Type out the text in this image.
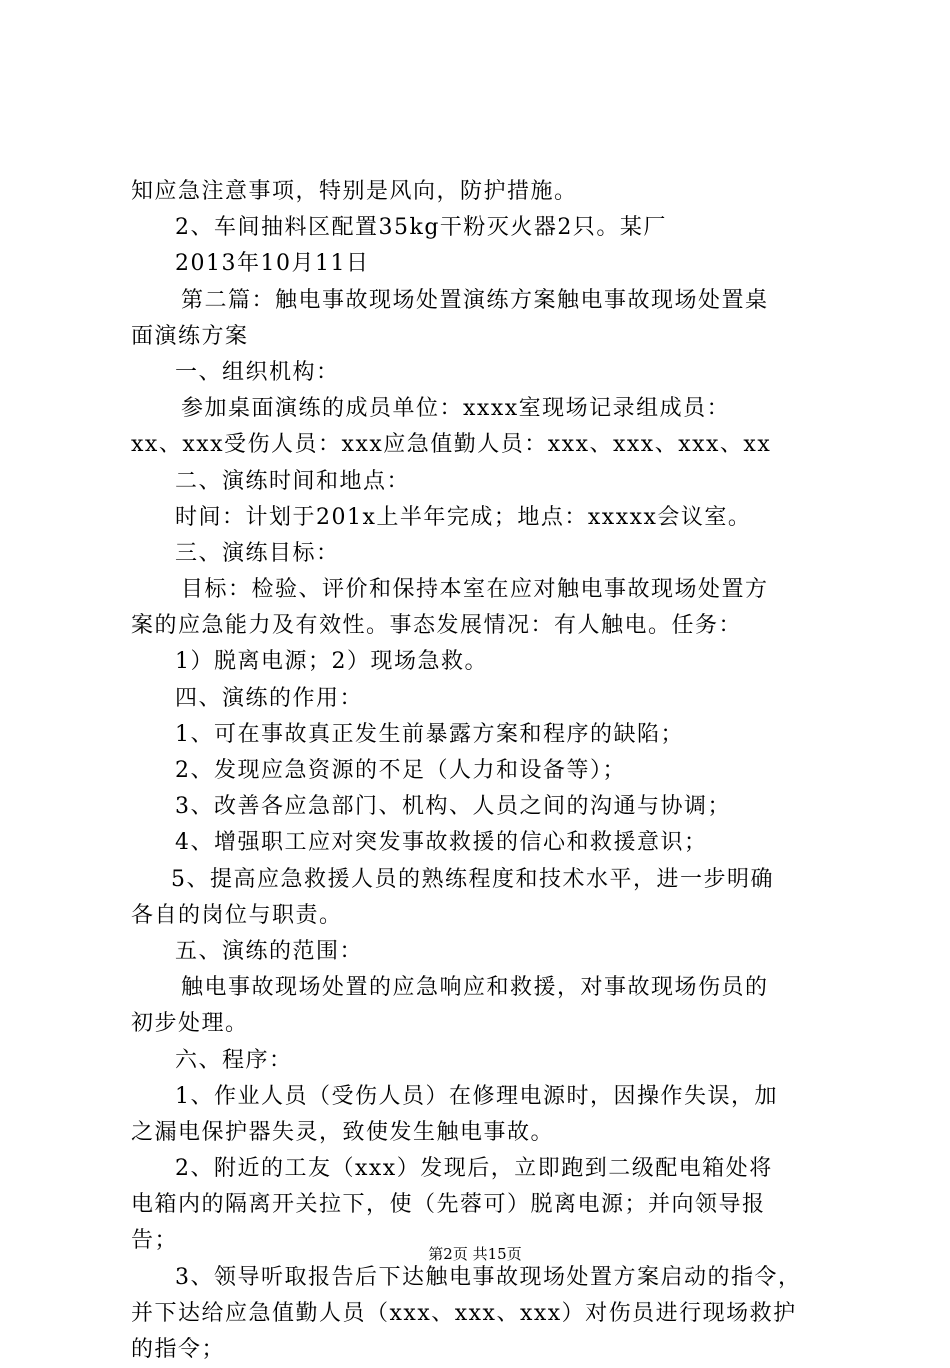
知应急注意事项，特别是风向，防护措施。
2、车间抽料区配置35kg干粉灭火器2只。某厂
2013年10月11日
第二篇：触电事故现场处置演练方案触电事故现场处置桌
面演练方案
一、组织机构：
参加桌面演练的成员单位：xxxx室现场记录组成员：
xx、xxx受伤人员：xxx应急值勤人员：xxx、xxx、xxx、xx
二、演练时间和地点：
时间：计划于201x上半年完成；地点：xxxxx会议室。
三、演练目标：
目标：检验、评价和保持本室在应对触电事故现场处置方
案的应急能力及有效性。事态发展情况：有人触电。任务：
1）脱离电源；2）现场急救。
四、演练的作用：
1、可在事故真正发生前暴露方案和程序的缺陷；
2、发现应急资源的不足（人力和设备等）；
3、改善各应急部门、机构、人员之间的沟通与协调；
4、增强职工应对突发事故救援的信心和救援意识；
5、提高应急救援人员的熟练程度和技术水平，进一步明确
各自的岗位与职责。
五、演练的范围：
触电事故现场处置的应急响应和救援，对事故现场伤员的
初步处理。
六、程序：
1、作业人员（受伤人员）在修理电源时，因操作失误，加
之漏电保护器失灵，致使发生触电事故。
2、附近的工友（xxx）发现后，立即跑到二级配电箱处将
电箱内的隔离开关拉下，使（先蓉可）脱离电源；并向领导报
告；
3、领导听取报告后下达触电事故现场处置方案启动的指令，
并下达给应急值勤人员（xxx、xxx、xxx）对伤员进行现场救护
的指令；
第2页 共15页
